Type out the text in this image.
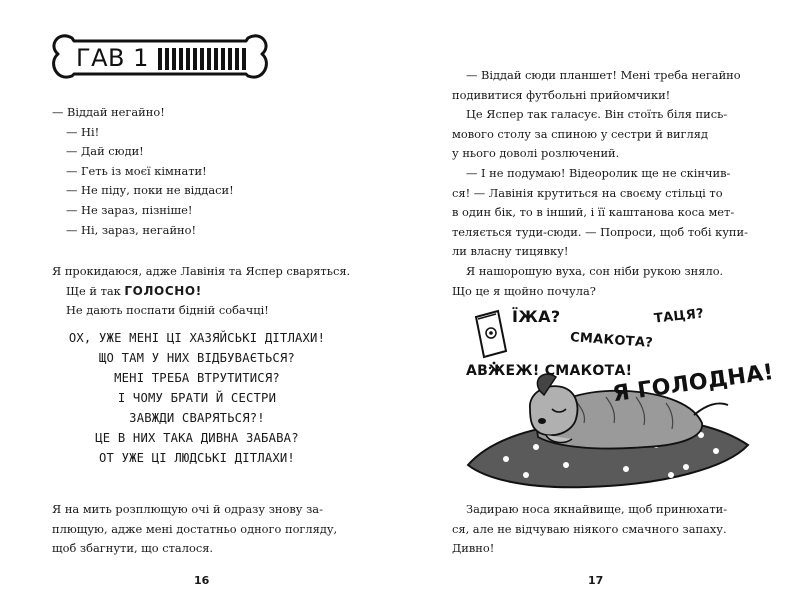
ГАВ 1
— Віддай негайно!
— Ні!
— Дай сюди!
— Геть із моєї кімнати!
— Не піду, поки не віддаси!
— Не зараз, пізніше!
— Ні, зараз, негайно!
Я прокидаюся, адже Лавінія та Яспер сваряться.
Ще й так ГОЛОСНО!
Не дають поспати бідній собачці!
ОХ, УЖЕ МЕНІ ЦІ ХАЗЯЙСЬКІ ДІТЛАХИ!
ЩО ТАМ У НИХ ВІДБУВАЄТЬСЯ?
МЕНІ ТРЕБА ВТРУТИТИСЯ?
І ЧОМУ БРАТИ Й СЕСТРИ
ЗАВЖДИ СВАРЯТЬСЯ?!
ЦЕ В НИХ ТАКА ДИВНА ЗАБАВА?
ОТ УЖЕ ЦІ ЛЮДСЬКІ ДІТЛАХИ!
Я на мить розплющую очі й одразу знову за-
плющую, адже мені достатньо одного погляду,
щоб збагнути, що сталося.
16
— Віддай сюди планшет! Мені треба негайно
подивитися футбольні прийомчики!
Це Яспер так галасує. Він стоїть біля пись-
мового столу за спиною у сестри й вигляд
у нього доволі розлючений.
— І не подумаю! Відеоролик ще не скінчив-
ся! — Лавінія крутиться на своєму стільці то
в один бік, то в інший, і її каштанова коса мет-
теляється туди-сюди. — Попроси, щоб тобі купи-
ли власну тицявку!
Я нашорошую вуха, сон ніби рукою зняло.
Що це я щойно почула?
Задираю носа якнайвище, щоб принюхати-
ся, але не відчуваю ніякого смачного запаху.
Дивно!
17
ЇЖА?	ТАЦЯ?
СМАКОТА?
АВЖЕЖ! СМАКОТА!
Я ГОЛОДНА!
